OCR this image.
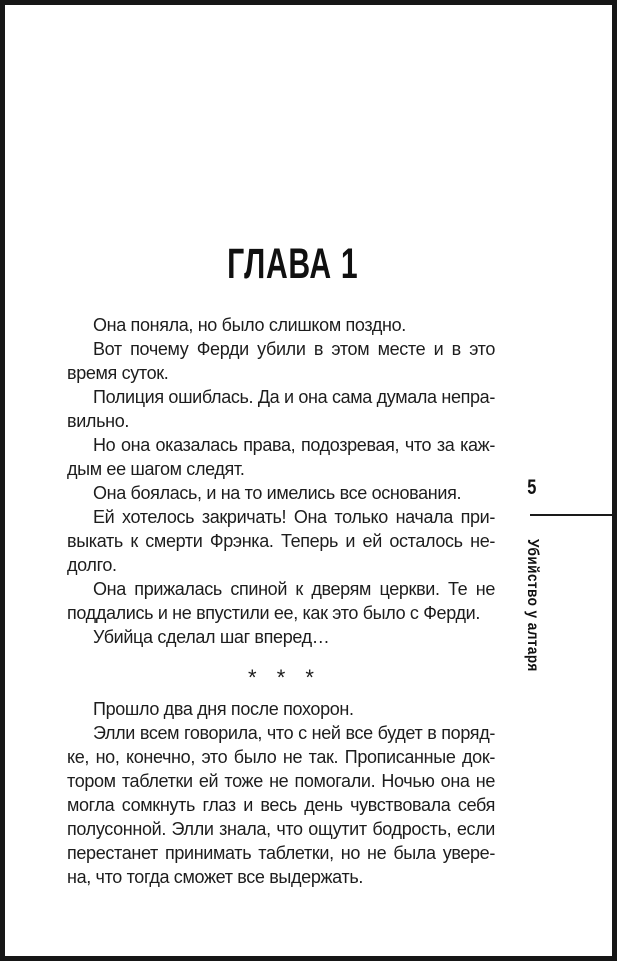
ГЛАВА 1
Она поняла, но было слишком поздно.
Вот почему Ферди убили в этом месте и в это
время суток.
Полиция ошиблась. Да и она сама думала непра-
вильно.
Но она оказалась права, подозревая, что за каж-
дым ее шагом следят.
Она боялась, и на то имелись все основания.
Ей хотелось закричать! Она только начала при-
выкать к смерти Фрэнка. Теперь и ей осталось не-
долго.
Она прижалась спиной к дверям церкви. Те не
поддались и не впустили ее, как это было с Ферди.
Убийца сделал шаг вперед…
* * *
Прошло два дня после похорон.
Элли всем говорила, что с ней все будет в поряд-
ке, но, конечно, это было не так. Прописанные док-
тором таблетки ей тоже не помогали. Ночью она не
могла сомкнуть глаз и весь день чувствовала себя
полусонной. Элли знала, что ощутит бодрость, если
перестанет принимать таблетки, но не была увере-
на, что тогда сможет все выдержать.
5
Убийство у алтаря
